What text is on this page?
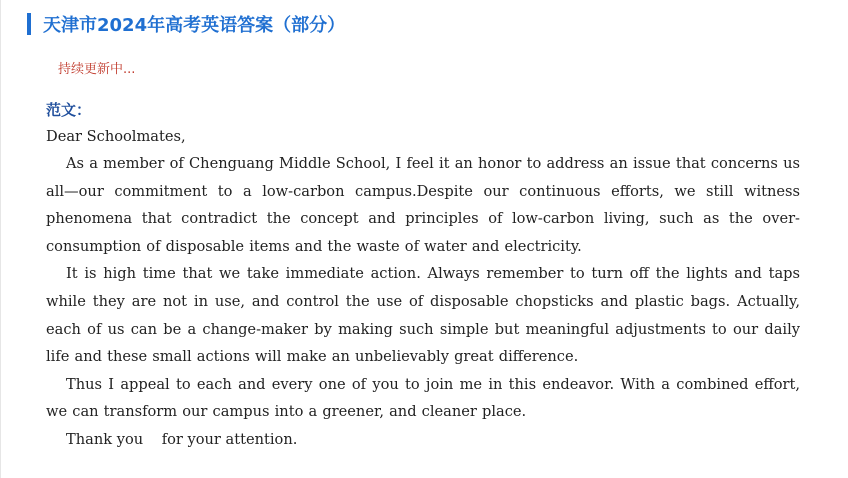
天津市2024年高考英语答案（部分）
持续更新中...
范文：
Dear Schoolmates,

As a member of Chenguang Middle School, I feel it an honor to address an issue that concerns us all—our commitment to a low-carbon campus.Despite our continuous efforts, we still witness phenomena that contradict the concept and principles of low-carbon living, such as the over- consumption of disposable items and the waste of water and electricity.

It is high time that we take immediate action. Always remember to turn off the lights and taps while they are not in use, and control the use of disposable chopsticks and plastic bags. Actually, each of us can be a change-maker by making such simple but meaningful adjustments to our daily life and these small actions will make an unbelievably great difference.

Thus I appeal to each and every one of you to join me in this endeavor. With a combined effort, we can transform our campus into a greener, and cleaner place.

Thank you    for your attention.
